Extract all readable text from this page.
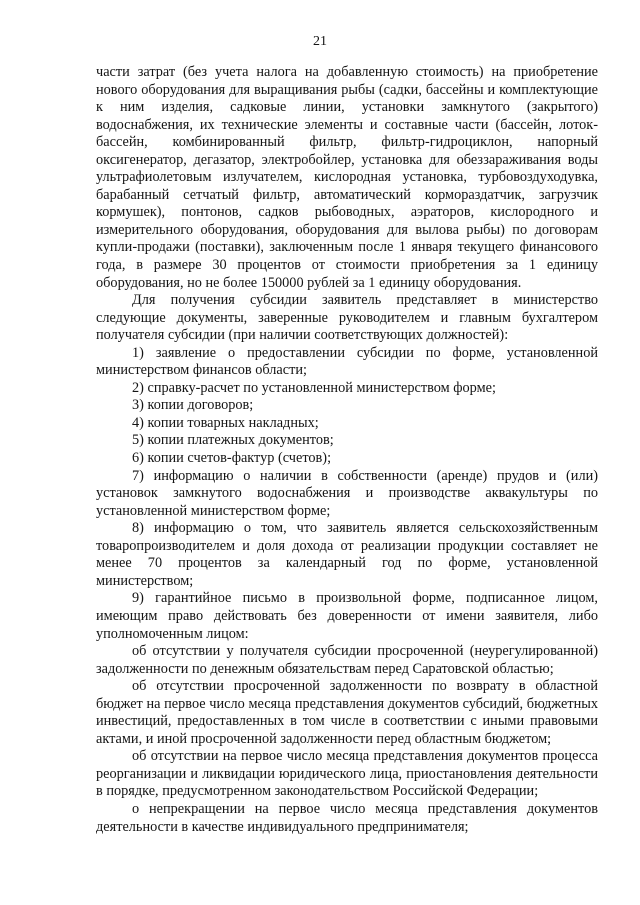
21

части затрат (без учета налога на добавленную стоимость) на приобретение нового оборудования для выращивания рыбы (садки, бассейны и комплектующие к ним изделия, садковые линии, установки замкнутого (закрытого) водоснабжения, их технические элементы и составные части (бассейн, лоток-бассейн, комбинированный фильтр, фильтр-гидроциклон, напорный оксигенератор, дегазатор, электробойлер, установка для обеззараживания воды ультрафиолетовым излучателем, кислородная установка, турбовоздуходувка, барабанный сетчатый фильтр, автоматический кормораздатчик, загрузчик кормушек), понтонов, садков рыбоводных, аэраторов, кислородного и измерительного оборудования, оборудования для вылова рыбы) по договорам купли-продажи (поставки), заключенным после 1 января текущего финансового года, в размере 30 процентов от стоимости приобретения за 1 единицу оборудования, но не более 150000 рублей за 1 единицу оборудования.

Для получения субсидии заявитель представляет в министерство следующие документы, заверенные руководителем и главным бухгалтером получателя субсидии (при наличии соответствующих должностей):

1) заявление о предоставлении субсидии по форме, установленной министерством финансов области;

2) справку-расчет по установленной министерством форме;

3) копии договоров;

4) копии товарных накладных;

5) копии платежных документов;

6) копии счетов-фактур (счетов);

7) информацию о наличии в собственности (аренде) прудов и (или) установок замкнутого водоснабжения и производстве аквакультуры по установленной министерством форме;

8) информацию о том, что заявитель является сельскохозяйственным товаропроизводителем и доля дохода от реализации продукции составляет не менее 70 процентов за календарный год по форме, установленной министерством;

9) гарантийное письмо в произвольной форме, подписанное лицом, имеющим право действовать без доверенности от имени заявителя, либо уполномоченным лицом:

об отсутствии у получателя субсидии просроченной (неурегулированной) задолженности по денежным обязательствам перед Саратовской областью;

об отсутствии просроченной задолженности по возврату в областной бюджет на первое число месяца представления документов субсидий, бюджетных инвестиций, предоставленных в том числе в соответствии с иными правовыми актами, и иной просроченной задолженности перед областным бюджетом;

об отсутствии на первое число месяца представления документов процесса реорганизации и ликвидации юридического лица, приостановления деятельности в порядке, предусмотренном законодательством Российской Федерации;

о непрекращении на первое число месяца представления документов деятельности в качестве индивидуального предпринимателя;
